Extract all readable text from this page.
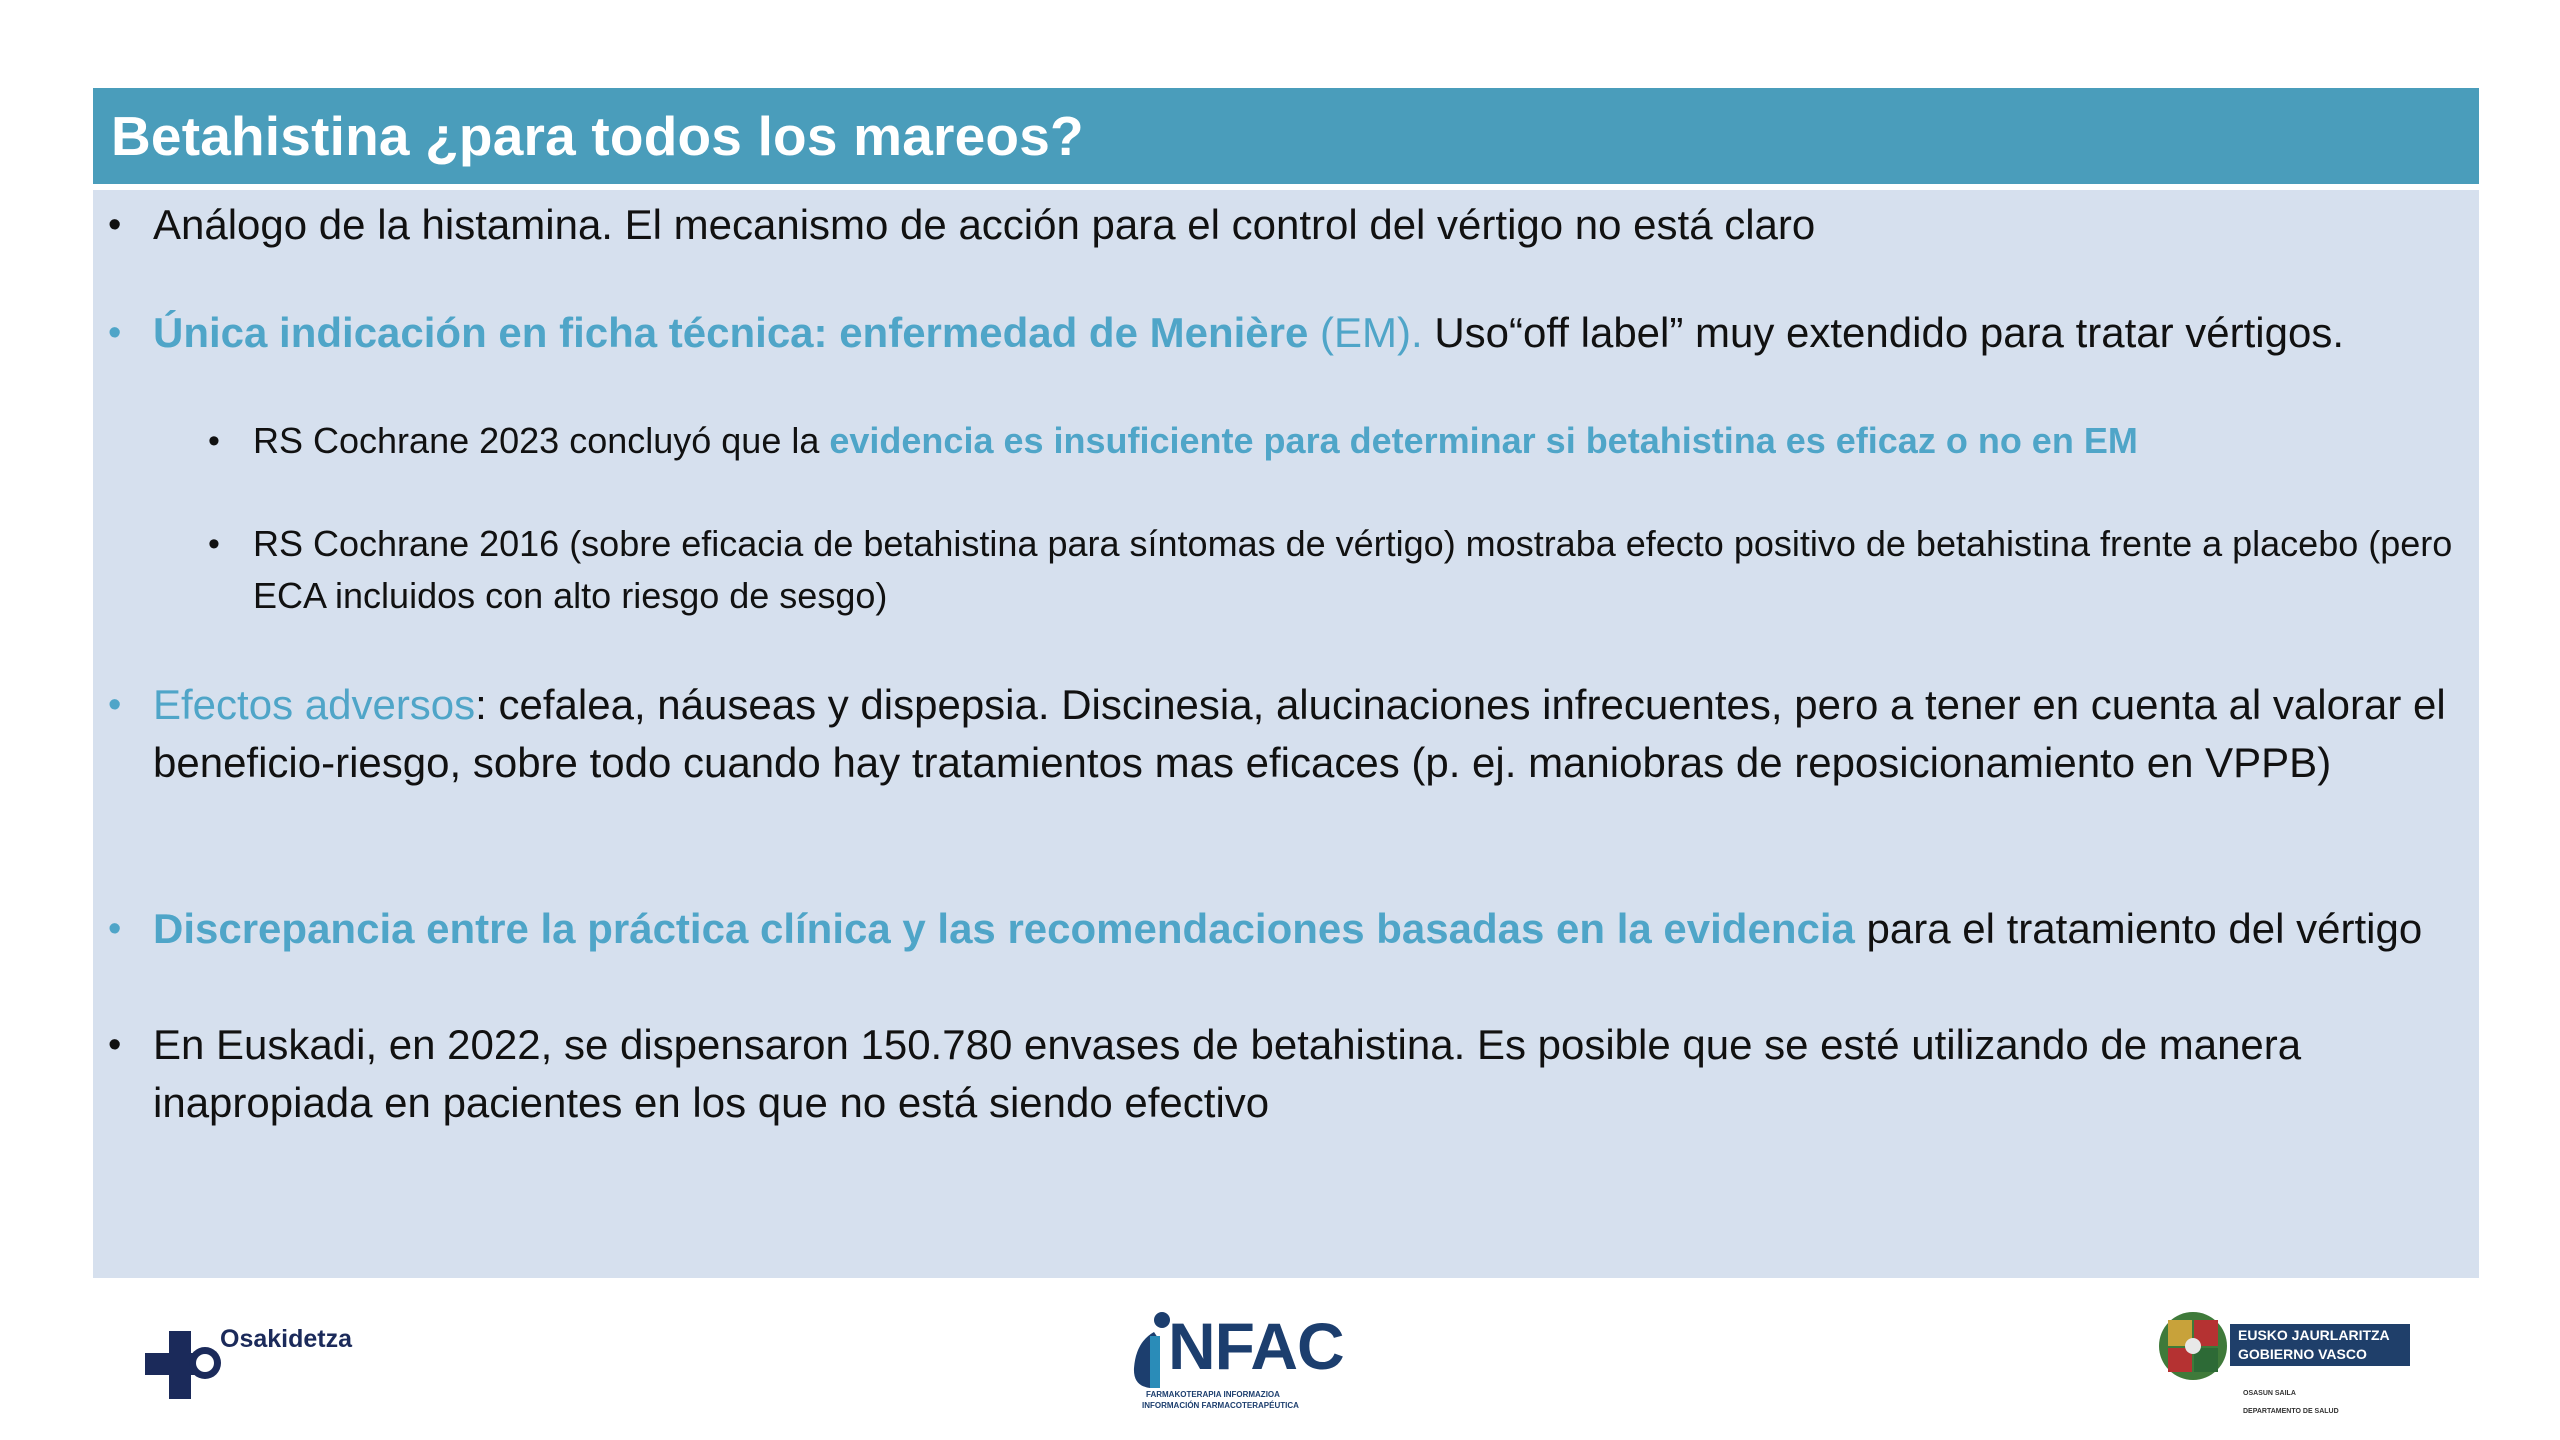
Betahistina ¿para todos los mareos?
• Análogo de la histamina. El mecanismo de acción para el control del vértigo no está claro
• Única indicación en ficha técnica: enfermedad de Menière (EM). Uso“off label” muy extendido para tratar vértigos.
• RS Cochrane 2023 concluyó que la evidencia es insuficiente para determinar si betahistina es eficaz o no en EM
• RS Cochrane 2016 (sobre eficacia de betahistina para síntomas de vértigo) mostraba efecto positivo de betahistina frente a placebo (pero ECA incluidos con alto riesgo de sesgo)
• Efectos adversos: cefalea, náuseas y dispepsia. Discinesia, alucinaciones infrecuentes, pero a tener en cuenta al valorar el beneficio-riesgo, sobre todo cuando hay tratamientos mas eficaces (p. ej. maniobras de reposicionamiento en VPPB)
• Discrepancia entre la práctica clínica y las recomendaciones basadas en la evidencia para el tratamiento del vértigo
• En Euskadi, en 2022, se dispensaron 150.780 envases de betahistina. Es posible que se esté utilizando de manera inapropiada en pacientes en los que no está siendo efectivo
Osakidetza	NFAC
FARMAKOTERAPIA INFORMAZIOA
INFORMACIÓN FARMACOTERAPÉUTICA
EUSKO JAURLARITZA
GOBIERNO VASCO
OSASUN SAILA
DEPARTAMENTO DE SALUD
